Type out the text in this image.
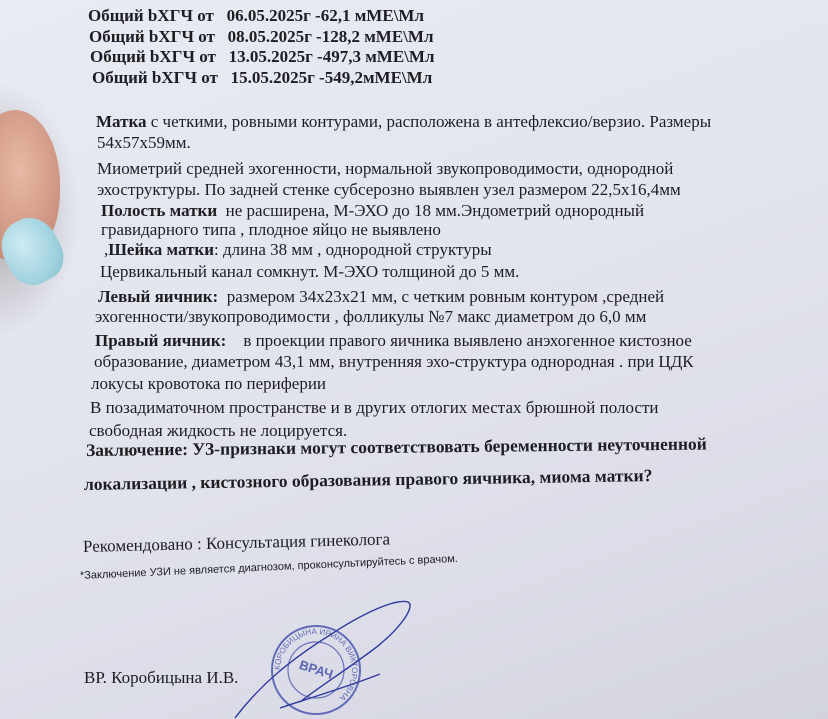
Общий bХГЧ от 06.05.2025г -62,1 мМЕ\Мл
Общий bХГЧ от 08.05.2025г -128,2 мМЕ\Мл
Общий bХГЧ от 13.05.2025г -497,3 мМЕ\Мл
Общий bХГЧ от 15.05.2025г -549,2мМЕ\Мл
Матка с четкими, ровными контурами, расположена в антефлексио/верзио. Размеры
54х57х59мм.
Миометрий средней эхогенности, нормальной звукопроводимости, однородной
эхоструктуры. По задней стенке субсерозно выявлен узел размером 22,5х16,4мм
Полость матки не расширена, М-ЭХО до 18 мм.Эндометрий однородный
гравидарного типа , плодное яйцо не выявлено
,Шейка матки: длина 38 мм , однородной структуры
Цервикальный канал сомкнут. М-ЭХО толщиной до 5 мм.
Левый яичник: размером 34х23х21 мм, с четким ровным контуром ,средней
эхогенности/звукопроводимости , фолликулы №7 макс диаметром до 6,0 мм
Правый яичник: в проекции правого яичника выявлено анэхогенное кистозное
образование, диаметром 43,1 мм, внутренняя эхо-структура однородная . при ЦДК
локусы кровотока по периферии
В позадиматочном пространстве и в других отлогих местах брюшной полости
свободная жидкость не лоцируется.
Заключение: УЗ-признаки могут соответствовать беременности неуточненной
локализации , кистозного образования правого яичника, миома матки?
Рекомендовано : Консультация гинеколога
*Заключение УЗИ не является диагнозом, проконсультируйтесь с врачом.
ВР. Коробицына И.В.
КОРОБИЦЫНА ИРИНА ВИКТОРОВНА
ВРАЧ
